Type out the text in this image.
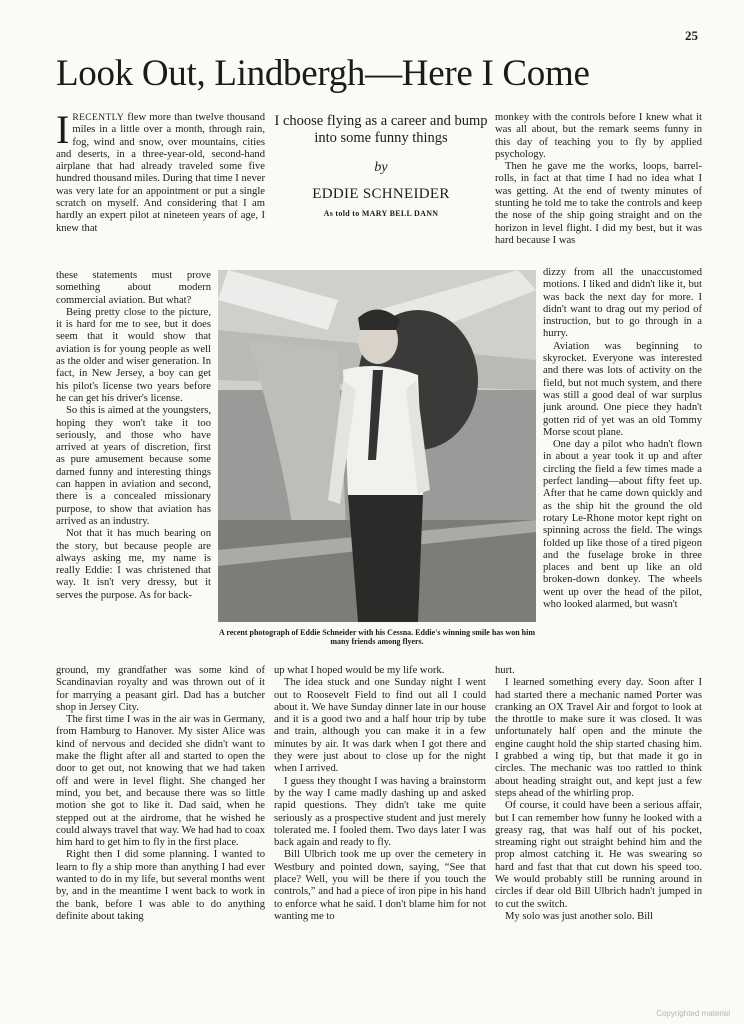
25
Look Out, Lindbergh—Here I Come

IRECENTLY flew more than twelve thousand miles in a little over a month, through rain, fog, wind and snow, over mountains, cities and deserts, in a three-year-old, second-hand airplane that had already traveled some five hundred thousand miles. During that time I never was very late for an appointment or put a single scratch on myself. And considering that I am hardly an expert pilot at nineteen years of age, I knew that

these statements must prove something about modern commercial aviation. But what?

Being pretty close to the picture, it is hard for me to see, but it does seem that it would show that aviation is for young people as well as the older and wiser generation. In fact, in New Jersey, a boy can get his pilot's license two years before he can get his driver's license.

So this is aimed at the youngsters, hoping they won't take it too seriously, and those who have arrived at years of discretion, first as pure amusement because some darned funny and interesting things can happen in aviation and second, there is a concealed missionary purpose, to show that aviation has arrived as an industry.

Not that it has much bearing on the story, but because people are always asking me, my name is really Eddie: I was christened that way. It isn't very dressy, but it serves the purpose. As for back-

ground, my grandfather was some kind of Scandinavian royalty and was thrown out of it for marrying a peasant girl. Dad has a butcher shop in Jersey City.

The first time I was in the air was in Germany, from Hamburg to Hanover. My sister Alice was kind of nervous and decided she didn't want to make the flight after all and started to open the door to get out, not knowing that we had taken off and were in level flight. She changed her mind, you bet, and because there was so little motion she got to like it. Dad said, when he stepped out at the airdrome, that he wished he could always travel that way. We had had to coax him hard to get him to fly in the first place.

Right then I did some planning. I wanted to learn to fly a ship more than anything I had ever wanted to do in my life, but several months went by, and in the meantime I went back to work in the bank, before I was able to do anything definite about taking

I choose flying as a career and bump into some funny things
by
EDDIE SCHNEIDER
As told to MARY BELL DANN
A recent photograph of Eddie Schneider with his Cessna. Eddie's winning smile has won him many friends among flyers.

up what I hoped would be my life work.

The idea stuck and one Sunday night I went out to Roosevelt Field to find out all I could about it. We have Sunday dinner late in our house and it is a good two and a half hour trip by tube and train, although you can make it in a few minutes by air. It was dark when I got there and they were just about to close up for the night when I arrived.

I guess they thought I was having a brainstorm by the way I came madly dashing up and asked rapid questions. They didn't take me quite seriously as a prospective student and just merely tolerated me. I fooled them. Two days later I was back again and ready to fly.

Bill Ulbrich took me up over the cemetery in Westbury and pointed down, saying, “See that place? Well, you will be there if you touch the controls,” and had a piece of iron pipe in his hand to enforce what he said. I don't blame him for not wanting me to

monkey with the controls before I knew what it was all about, but the remark seems funny in this day of teaching you to fly by applied psychology.

Then he gave me the works, loops, barrel-rolls, in fact at that time I had no idea what I was getting. At the end of twenty minutes of stunting he told me to take the controls and keep the nose of the ship going straight and on the horizon in level flight. I did my best, but it was hard because I was

dizzy from all the unaccustomed motions. I liked and didn't like it, but was back the next day for more. I didn't want to drag out my period of instruction, but to go through in a hurry.

Aviation was beginning to skyrocket. Everyone was interested and there was lots of activity on the field, but not much system, and there was still a good deal of war surplus junk around. One piece they hadn't gotten rid of yet was an old Tommy Morse scout plane.

One day a pilot who hadn't flown in about a year took it up and after circling the field a few times made a perfect landing—about fifty feet up. After that he came down quickly and as the ship hit the ground the old rotary Le-Rhone motor kept right on spinning across the field. The wings folded up like those of a tired pigeon and the fuselage broke in three places and bent up like an old broken-down donkey. The wheels went up over the head of the pilot, who looked alarmed, but wasn't

hurt.

I learned something every day. Soon after I had started there a mechanic named Porter was cranking an OX Travel Air and forgot to look at the throttle to make sure it was closed. It was unfortunately half open and the minute the engine caught hold the ship started chasing him. I grabbed a wing tip, but that made it go in circles. The mechanic was too rattled to think about heading straight out, and kept just a few steps ahead of the whirling prop.

Of course, it could have been a serious affair, but I can remember how funny he looked with a greasy rag, that was half out of his pocket, streaming right out straight behind him and the prop almost catching it. He was swearing so hard and fast that that cut down his speed too. We would probably still be running around in circles if dear old Bill Ulbrich hadn't jumped in to cut the switch.

My solo was just another solo. Bill

Copyrighted material
